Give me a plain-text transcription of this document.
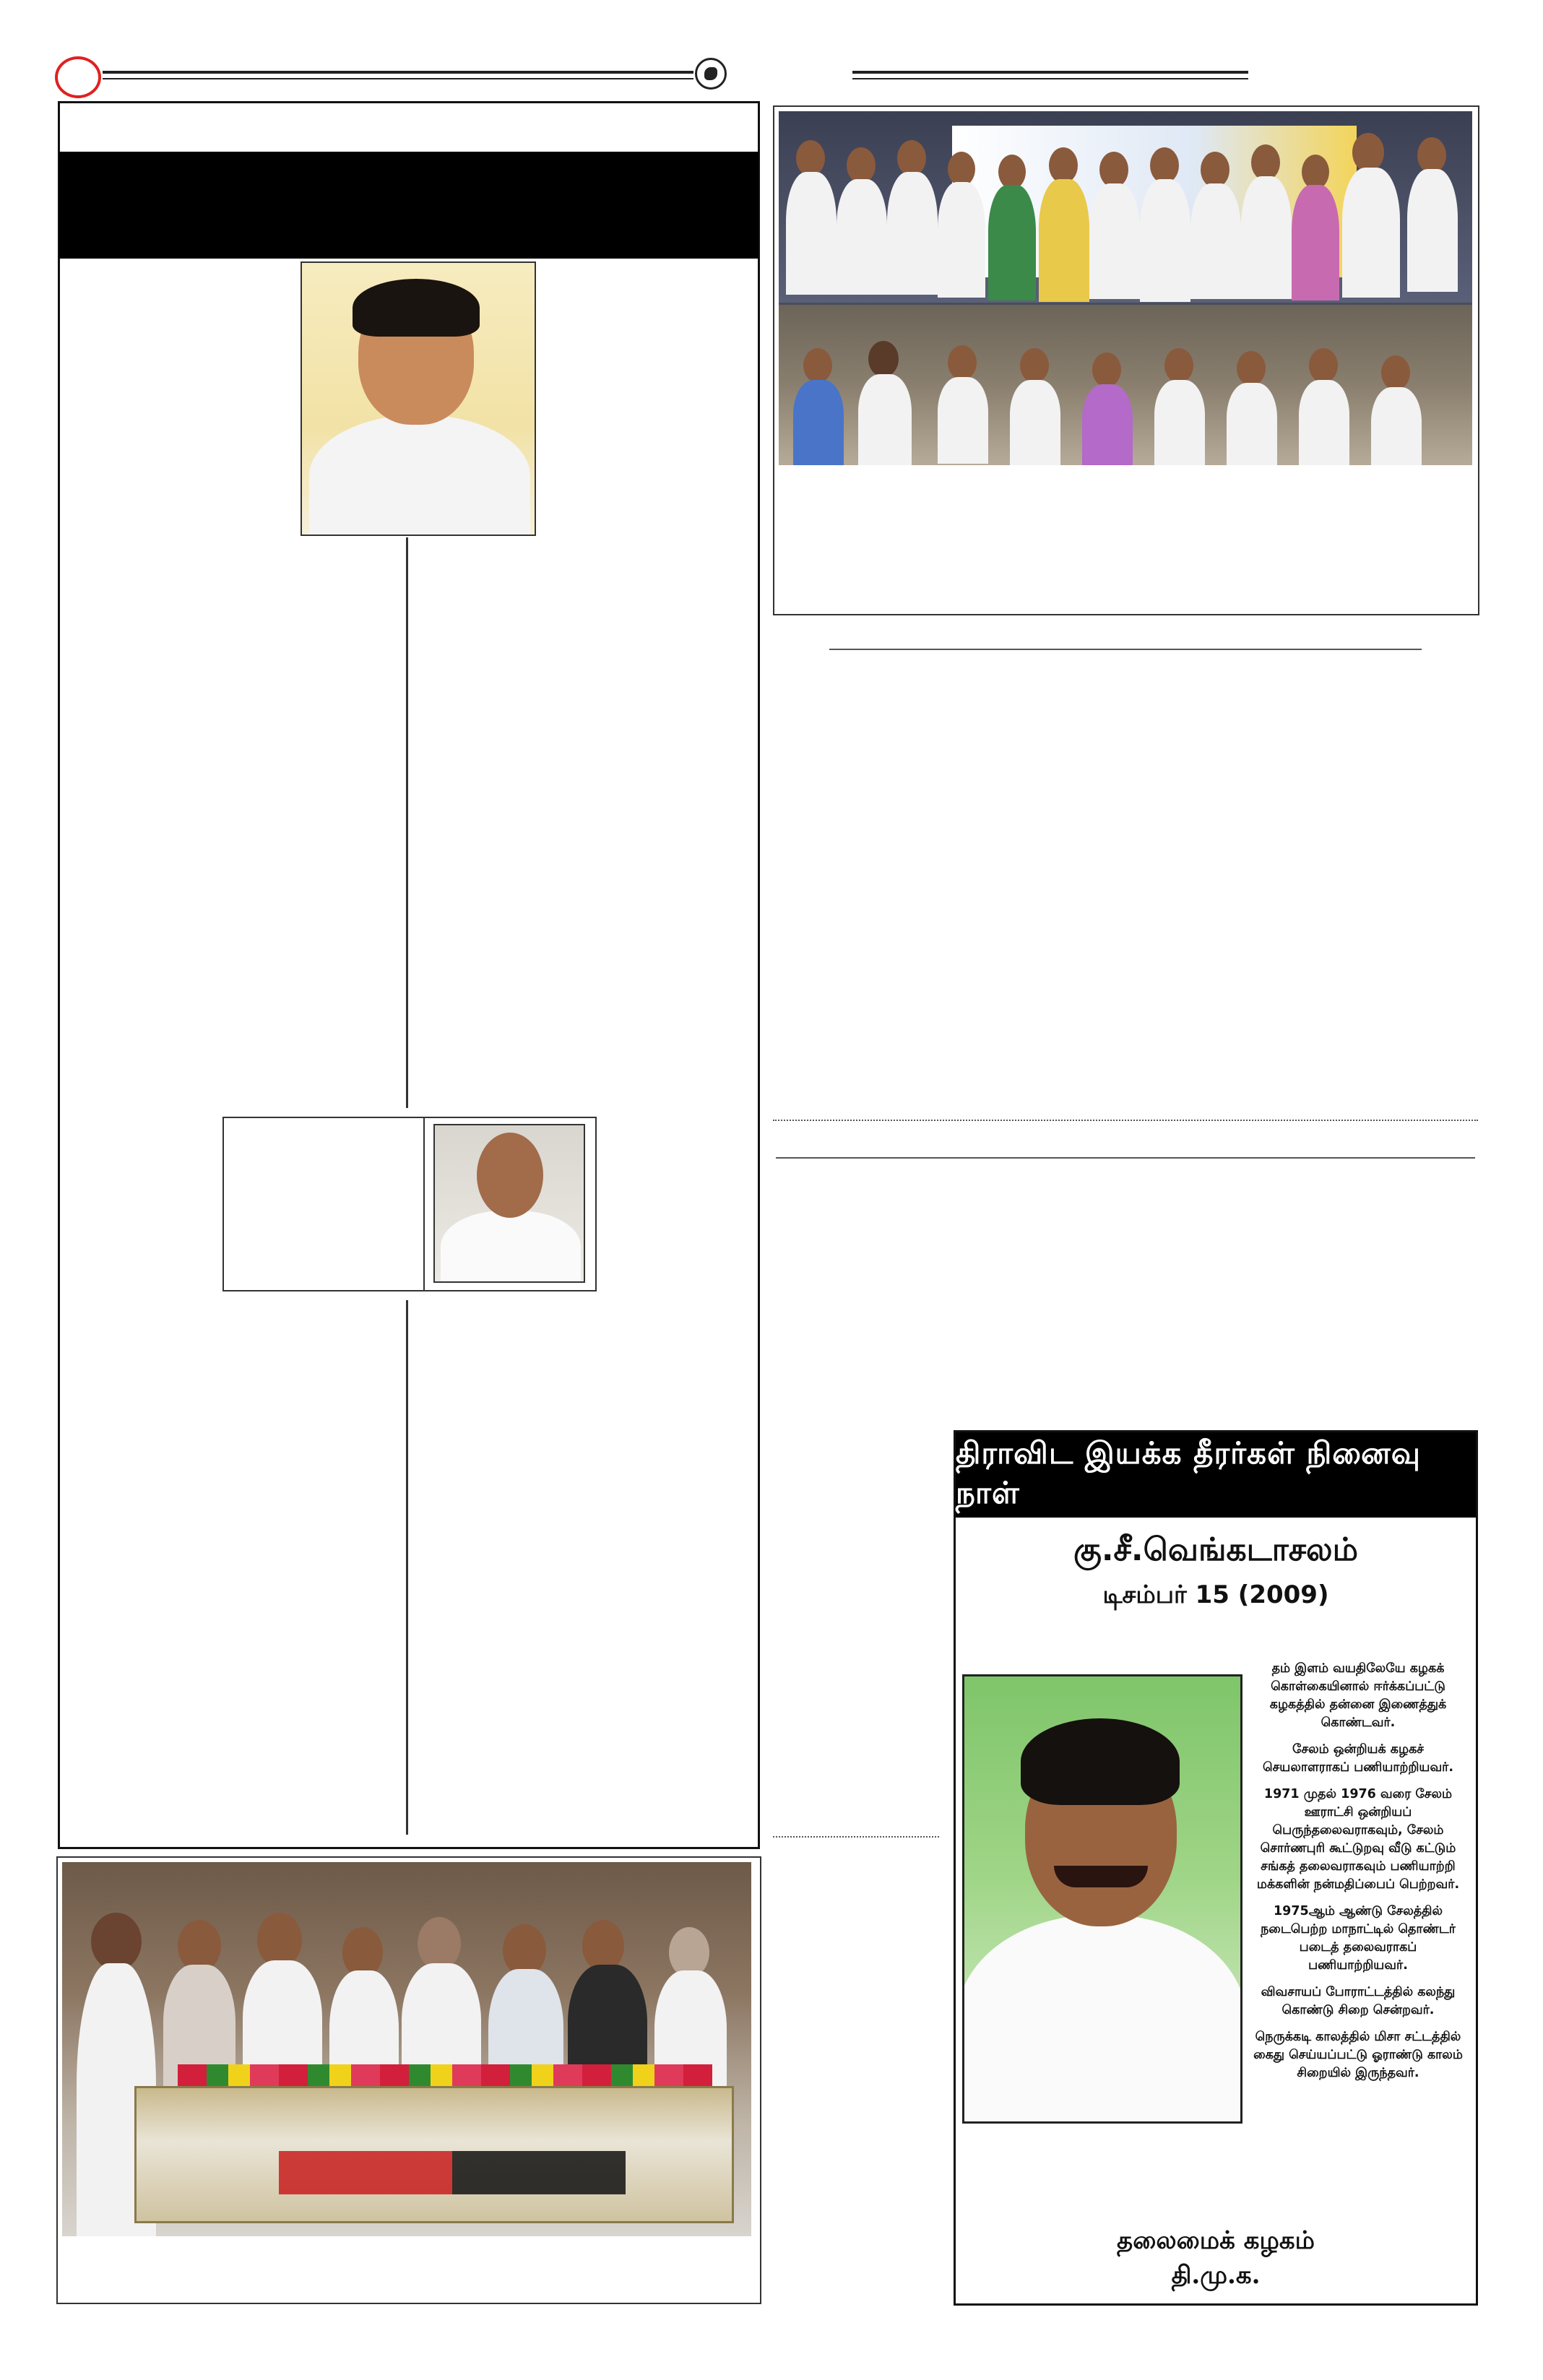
திராவிட இயக்க தீரர்கள் நினைவு நாள்
கு.சீ.வெங்கடாசலம்
டிசம்பர் 15 (2009)

தம் இளம் வயதிலேயே கழகக் கொள்கையினால் ஈர்க்கப்பட்டு கழகத்தில் தன்னை இணைத்துக் கொண்டவர்.

சேலம் ஒன்றியக் கழகச் செயலாளராகப் பணியாற்றியவர்.

1971 முதல் 1976 வரை சேலம் ஊராட்சி ஒன்றியப் பெருந்தலைவராகவும், சேலம் சொர்ணபுரி கூட்டுறவு வீடு கட்டும் சங்கத் தலைவராகவும் பணியாற்றி மக்களின் நன்மதிப்பைப் பெற்றவர்.

1975ஆம் ஆண்டு சேலத்தில் நடைபெற்ற மாநாட்டில் தொண்டர் படைத் தலைவராகப் பணியாற்றியவர்.

விவசாயப் போராட்டத்தில் கலந்து கொண்டு சிறை சென்றவர்.

நெருக்கடி காலத்தில் மிசா சட்டத்தில் கைது செய்யப்பட்டு ஓராண்டு காலம் சிறையில் இருந்தவர்.

தலைமைக் கழகம்
தி.மு.க.
